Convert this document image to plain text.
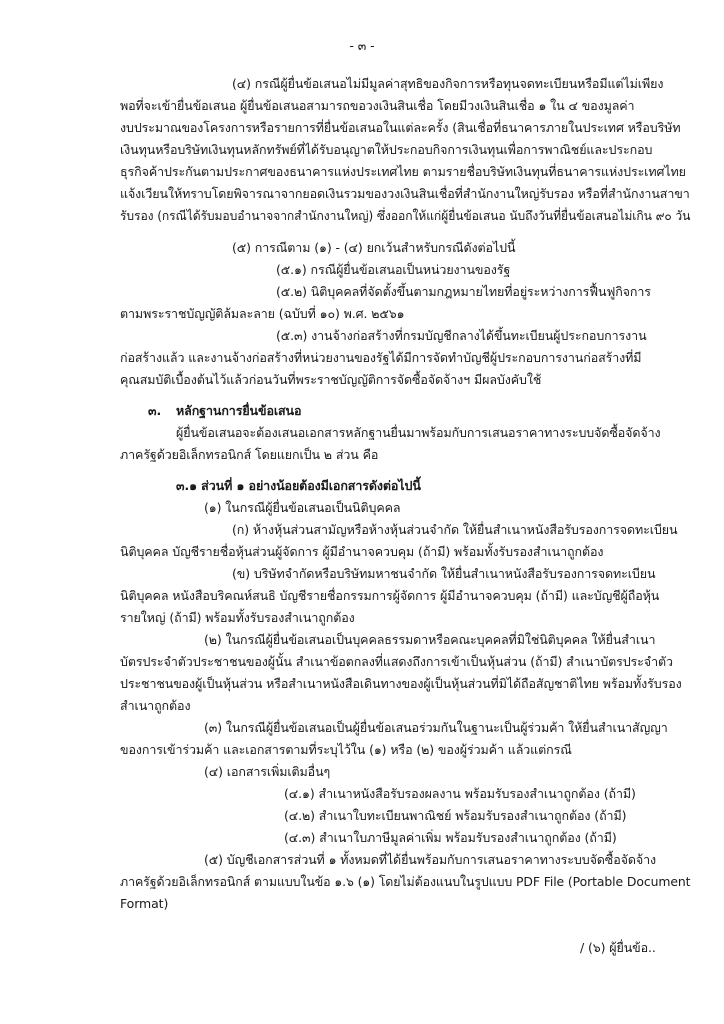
- ๓ -
(๔) กรณีผู้ยื่นข้อเสนอไม่มีมูลค่าสุทธิของกิจการหรือทุนจดทะเบียนหรือมีแต่ไม่เพียง
พอที่จะเข้ายื่นข้อเสนอ ผู้ยื่นข้อเสนอสามารถขอวงเงินสินเชื่อ โดยมีวงเงินสินเชื่อ ๑ ใน ๔ ของมูลค่า
งบประมาณของโครงการหรือรายการที่ยื่นข้อเสนอในแต่ละครั้ง (สินเชื่อที่ธนาคารภายในประเทศ หรือบริษัท
เงินทุนหรือบริษัทเงินทุนหลักทรัพย์ที่ได้รับอนุญาตให้ประกอบกิจการเงินทุนเพื่อการพาณิชย์และประกอบ
ธุรกิจค้าประกันตามประกาศของธนาคารแห่งประเทศไทย ตามรายชื่อบริษัทเงินทุนที่ธนาคารแห่งประเทศไทย
แจ้งเวียนให้ทราบโดยพิจารณาจากยอดเงินรวมของวงเงินสินเชื่อที่สำนักงานใหญ่รับรอง หรือที่สำนักงานสาขา
รับรอง (กรณีได้รับมอบอำนาจจากสำนักงานใหญ่) ซึ่งออกให้แก่ผู้ยื่นข้อเสนอ นับถึงวันที่ยื่นข้อเสนอไม่เกิน ๙๐ วัน
(๕) การณีตาม (๑) - (๔) ยกเว้นสำหรับกรณีดังต่อไปนี้
(๕.๑) กรณีผู้ยื่นข้อเสนอเป็นหน่วยงานของรัฐ
(๕.๒) นิติบุคคลที่จัดตั้งขึ้นตามกฎหมายไทยที่อยู่ระหว่างการฟื้นฟูกิจการ
ตามพระราชบัญญัติล้มละลาย (ฉบับที่ ๑๐) พ.ศ. ๒๕๖๑
(๕.๓) งานจ้างก่อสร้างที่กรมบัญชีกลางได้ขึ้นทะเบียนผู้ประกอบการงาน
ก่อสร้างแล้ว และงานจ้างก่อสร้างที่หน่วยงานของรัฐได้มีการจัดทำบัญชีผู้ประกอบการงานก่อสร้างที่มี
คุณสมบัติเบื้องต้นไว้แล้วก่อนวันที่พระราชบัญญัติการจัดซื้อจัดจ้างฯ มีผลบังคับใช้
๓. หลักฐานการยื่นข้อเสนอ
ผู้ยื่นข้อเสนอจะต้องเสนอเอกสารหลักฐานยื่นมาพร้อมกับการเสนอราคาทางระบบจัดซื้อจัดจ้าง
ภาครัฐด้วยอิเล็กทรอนิกส์ โดยแยกเป็น ๒ ส่วน คือ
๓.๑ ส่วนที่ ๑ อย่างน้อยต้องมีเอกสารดังต่อไปนี้
(๑) ในกรณีผู้ยื่นข้อเสนอเป็นนิติบุคคล
(ก) ห้างหุ้นส่วนสามัญหรือห้างหุ้นส่วนจำกัด ให้ยื่นสำเนาหนังสือรับรองการจดทะเบียน
นิติบุคคล บัญชีรายชื่อหุ้นส่วนผู้จัดการ ผู้มีอำนาจควบคุม (ถ้ามี) พร้อมทั้งรับรองสำเนาถูกต้อง
(ข) บริษัทจำกัดหรือบริษัทมหาชนจำกัด ให้ยื่นสำเนาหนังสือรับรองการจดทะเบียน
นิติบุคคล หนังสือบริคณห์สนธิ บัญชีรายชื่อกรรมการผู้จัดการ ผู้มีอำนาจควบคุม (ถ้ามี) และบัญชีผู้ถือหุ้น
รายใหญ่ (ถ้ามี) พร้อมทั้งรับรองสำเนาถูกต้อง
(๒) ในกรณีผู้ยื่นข้อเสนอเป็นบุคคลธรรมดาหรือคณะบุคคลที่มิใช่นิติบุคคล ให้ยื่นสำเนา
บัตรประจำตัวประชาชนของผู้นั้น สำเนาข้อตกลงที่แสดงถึงการเข้าเป็นหุ้นส่วน (ถ้ามี) สำเนาบัตรประจำตัว
ประชาชนของผู้เป็นหุ้นส่วน หรือสำเนาหนังสือเดินทางของผู้เป็นหุ้นส่วนที่มิได้ถือสัญชาติไทย พร้อมทั้งรับรอง
สำเนาถูกต้อง
(๓) ในกรณีผู้ยื่นข้อเสนอเป็นผู้ยื่นข้อเสนอร่วมกันในฐานะเป็นผู้ร่วมค้า ให้ยื่นสำเนาสัญญา
ของการเข้าร่วมค้า และเอกสารตามที่ระบุไว้ใน (๑) หรือ (๒) ของผู้ร่วมค้า แล้วแต่กรณี
(๔) เอกสารเพิ่มเติมอื่นๆ
(๔.๑) สำเนาหนังสือรับรองผลงาน พร้อมรับรองสำเนาถูกต้อง (ถ้ามี)
(๔.๒) สำเนาใบทะเบียนพาณิชย์ พร้อมรับรองสำเนาถูกต้อง (ถ้ามี)
(๔.๓) สำเนาใบภาษีมูลค่าเพิ่ม พร้อมรับรองสำเนาถูกต้อง (ถ้ามี)
(๕) บัญชีเอกสารส่วนที่ ๑ ทั้งหมดที่ได้ยื่นพร้อมกับการเสนอราคาทางระบบจัดซื้อจัดจ้าง
ภาครัฐด้วยอิเล็กทรอนิกส์ ตามแบบในข้อ ๑.๖ (๑) โดยไม่ต้องแนบในรูปแบบ PDF File (Portable Document
Format)
/ (๖) ผู้ยื่นข้อ..
